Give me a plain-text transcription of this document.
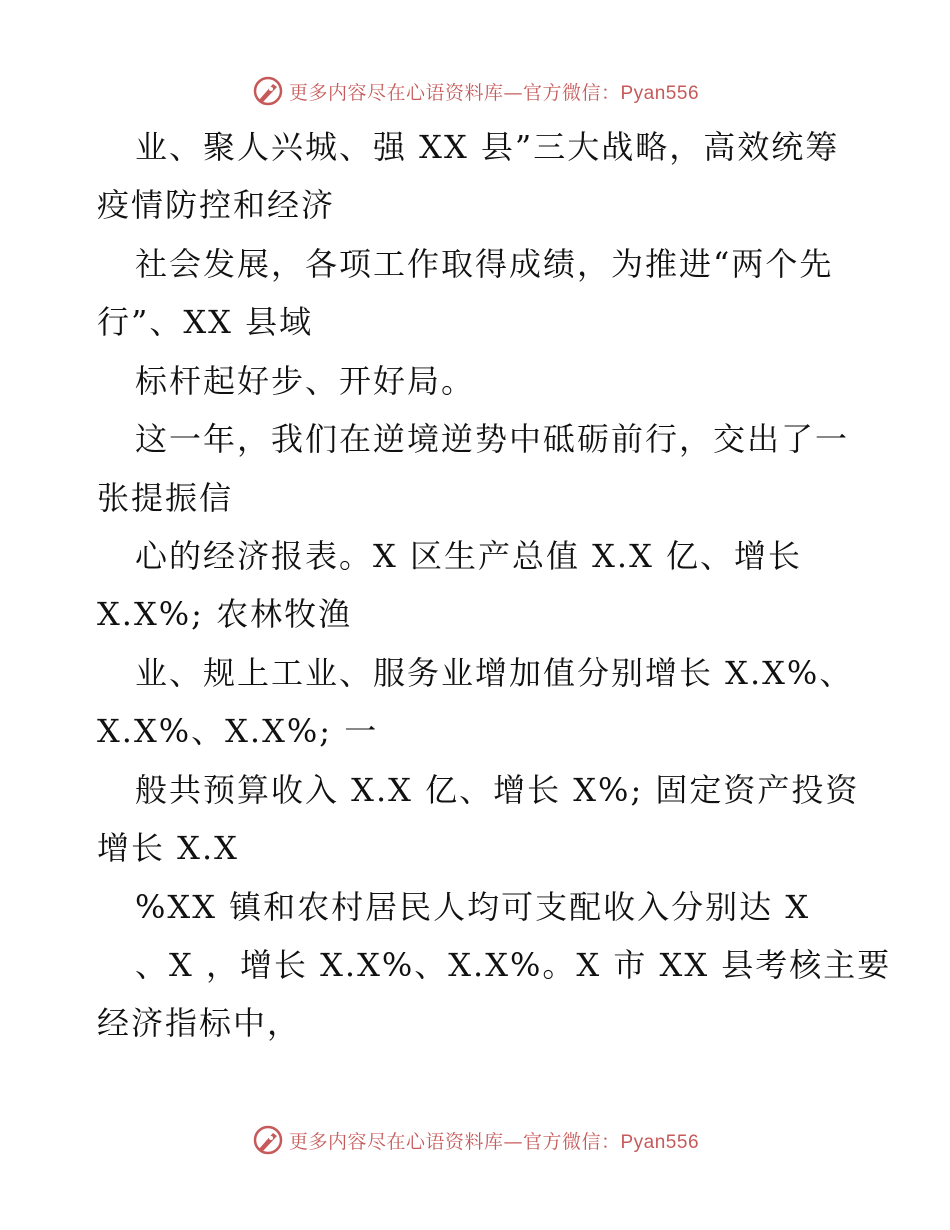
更多内容尽在心语资料库—官方微信：Pyan556
业、聚人兴城、强 XX 县”三大战略，高效统筹
疫情防控和经济
社会发展，各项工作取得成绩，为推进“两个先
行”、XX 县域
标杆起好步、开好局。
这一年，我们在逆境逆势中砥砺前行，交出了一
张提振信
心的经济报表。X 区生产总值 X.X 亿、增长
X.X%; 农林牧渔
业、规上工业、服务业增加值分别增长 X.X%、
X.X%、X.X%; 一
般共预算收入 X.X 亿、增长 X%; 固定资产投资
增长 X.X
%XX 镇和农村居民人均可支配收入分别达 X
、X ，增长 X.X%、X.X%。X 市 XX 县考核主要
经济指标中，
更多内容尽在心语资料库—官方微信：Pyan556
